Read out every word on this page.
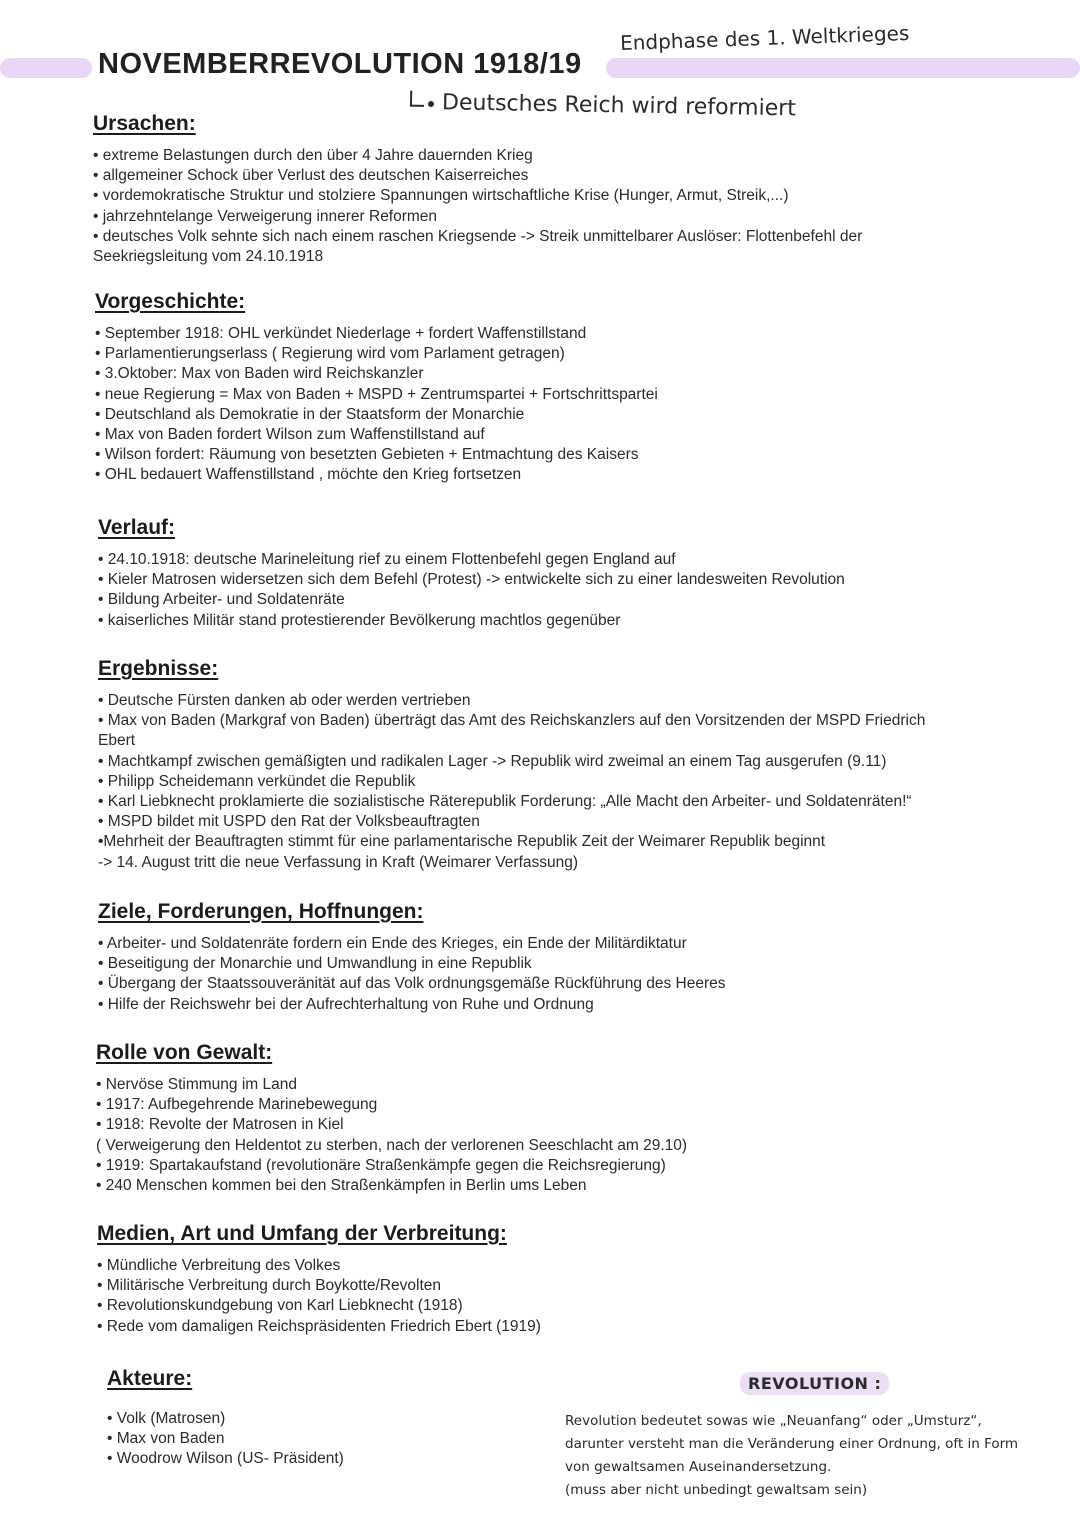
NOVEMBERREVOLUTION 1918/19
Endphase des 1. Weltkrieges
Deutsches Reich wird reformiert
Ursachen:
• extreme Belastungen durch den über 4 Jahre dauernden Krieg
• allgemeiner Schock über Verlust des deutschen Kaiserreiches
• vordemokratische Struktur und stolziere Spannungen wirtschaftliche Krise (Hunger, Armut, Streik,...)
• jahrzehntelange Verweigerung innerer Reformen
• deutsches Volk sehnte sich nach einem raschen Kriegsende -> Streik unmittelbarer Auslöser: Flottenbefehl der
Seekriegsleitung vom 24.10.1918
Vorgeschichte:
• September 1918: OHL verkündet Niederlage + fordert Waffenstillstand
• Parlamentierungserlass ( Regierung wird vom Parlament getragen)
• 3.Oktober: Max von Baden wird Reichskanzler
• neue Regierung = Max von Baden + MSPD + Zentrumspartei + Fortschrittspartei
• Deutschland als Demokratie in der Staatsform der Monarchie
• Max von Baden fordert Wilson zum Waffenstillstand auf
• Wilson fordert: Räumung von besetzten Gebieten + Entmachtung des Kaisers
• OHL bedauert Waffenstillstand , möchte den Krieg fortsetzen
Verlauf:
• 24.10.1918: deutsche Marineleitung rief zu einem Flottenbefehl gegen England auf
• Kieler Matrosen widersetzen sich dem Befehl (Protest) -> entwickelte sich zu einer landesweiten Revolution
• Bildung Arbeiter- und Soldatenräte
• kaiserliches Militär stand protestierender Bevölkerung machtlos gegenüber
Ergebnisse:
• Deutsche Fürsten danken ab oder werden vertrieben
• Max von Baden (Markgraf von Baden) überträgt das Amt des Reichskanzlers auf den Vorsitzenden der MSPD Friedrich
Ebert
• Machtkampf zwischen gemäßigten und radikalen Lager -> Republik wird zweimal an einem Tag ausgerufen (9.11)
• Philipp Scheidemann verkündet die Republik
• Karl Liebknecht proklamierte die sozialistische Räterepublik Forderung: „Alle Macht den Arbeiter- und Soldatenräten!“
• MSPD bildet mit USPD den Rat der Volksbeauftragten
•Mehrheit der Beauftragten stimmt für eine parlamentarische Republik Zeit der Weimarer Republik beginnt
-> 14. August tritt die neue Verfassung in Kraft (Weimarer Verfassung)
Ziele, Forderungen, Hoffnungen:
• Arbeiter- und Soldatenräte fordern ein Ende des Krieges, ein Ende der Militärdiktatur
• Beseitigung der Monarchie und Umwandlung in eine Republik
• Übergang der Staatssouveränität auf das Volk ordnungsgemäße Rückführung des Heeres
• Hilfe der Reichswehr bei der Aufrechterhaltung von Ruhe und Ordnung
Rolle von Gewalt:
• Nervöse Stimmung im Land
• 1917: Aufbegehrende Marinebewegung
• 1918: Revolte der Matrosen in Kiel
( Verweigerung den Heldentot zu sterben, nach der verlorenen Seeschlacht am 29.10)
• 1919: Spartakaufstand (revolutionäre Straßenkämpfe gegen die Reichsregierung)
• 240 Menschen kommen bei den Straßenkämpfen in Berlin ums Leben
Medien, Art und Umfang der Verbreitung:
• Mündliche Verbreitung des Volkes
• Militärische Verbreitung durch Boykotte/Revolten
• Revolutionskundgebung von Karl Liebknecht (1918)
• Rede vom damaligen Reichspräsidenten Friedrich Ebert (1919)
Akteure:
• Volk (Matrosen)
• Max von Baden
• Woodrow Wilson (US- Präsident)
REVOLUTION :
Revolution bedeutet sowas wie „Neuanfang“ oder „Umsturz“,
darunter versteht man die Veränderung einer Ordnung, oft in Form
von gewaltsamen Auseinandersetzung.
(muss aber nicht unbedingt gewaltsam sein)
